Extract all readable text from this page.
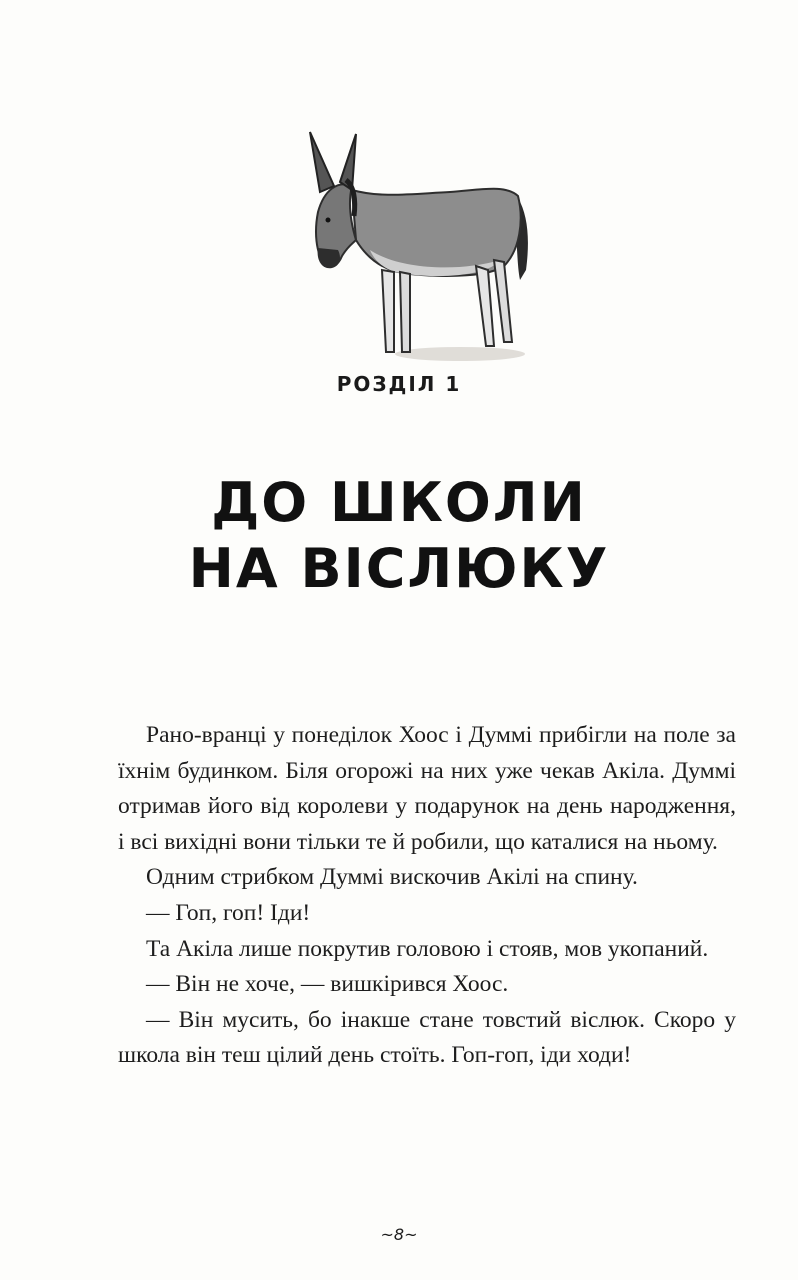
РОЗДІЛ 1
ДО ШКОЛИ
НА ВІСЛЮКУ

Рано-вранці у понеділок Хоос і Думмі прибігли на поле за їхнім будинком. Біля огорожі на них уже чекав Акіла. Думмі отримав його від королеви у подарунок на день народження, і всі вихідні вони тільки те й робили, що каталися на ньому.

Одним стрибком Думмі вискочив Акілі на спину.

— Гоп, гоп! Іди!

Та Акіла лише покрутив головою і стояв, мов укопаний.

— Він не хоче, — вишкірився Хоос.

— Він мусить, бо інакше стане товстий віслюк. Скоро у школа він теш цілий день стоїть. Гоп-гоп, іди ходи!

~8~
